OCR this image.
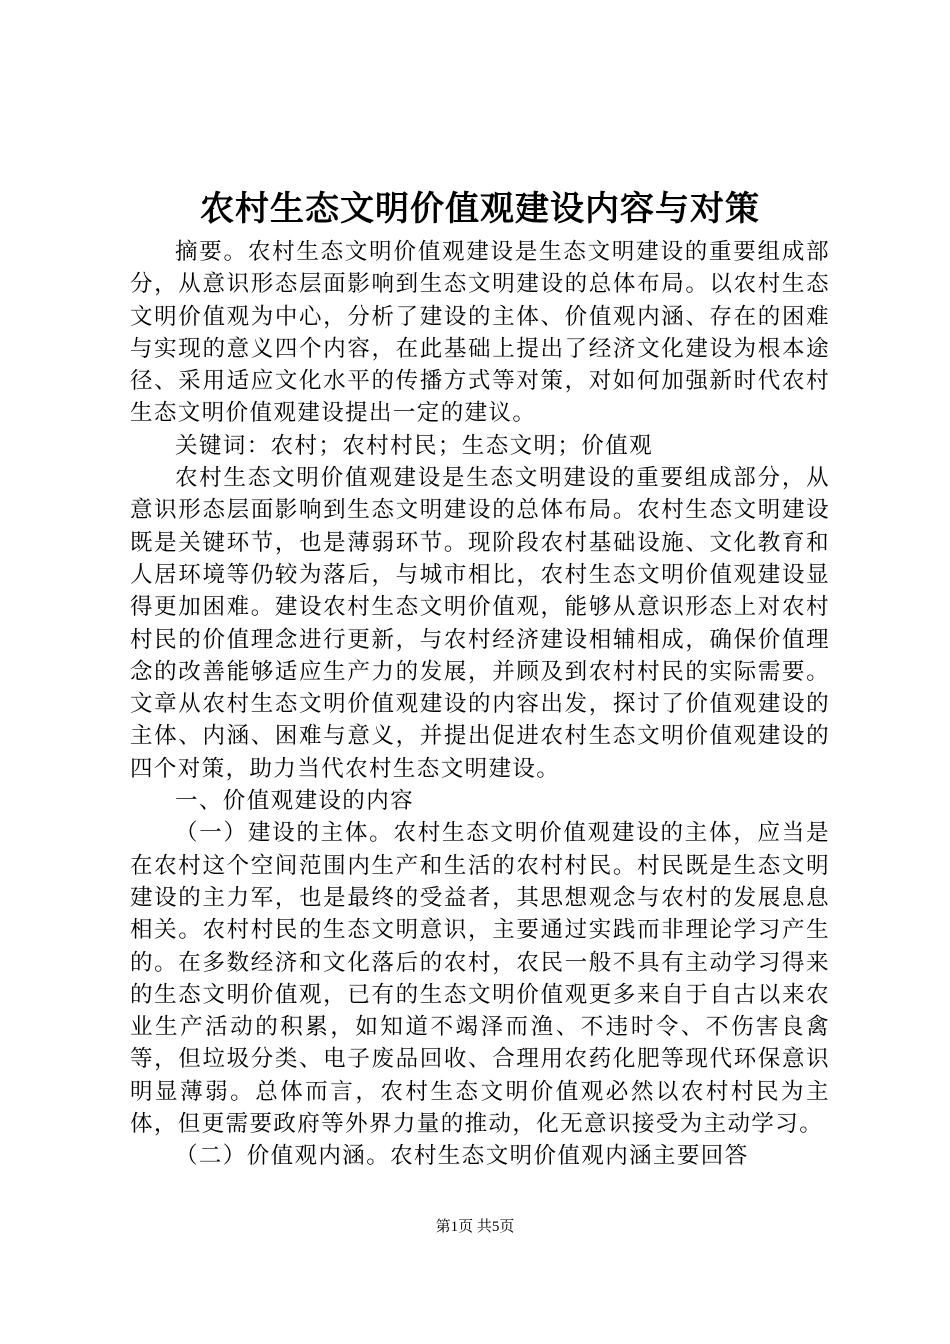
农村生态文明价值观建设内容与对策

摘要。农村生态文明价值观建设是生态文明建设的重要组成部分，从意识形态层面影响到生态文明建设的总体布局。以农村生态文明价值观为中心，分析了建设的主体、价值观内涵、存在的困难与实现的意义四个内容，在此基础上提出了经济文化建设为根本途径、采用适应文化水平的传播方式等对策，对如何加强新时代农村生态文明价值观建设提出一定的建议。

关键词：农村；农村村民；生态文明；价值观

农村生态文明价值观建设是生态文明建设的重要组成部分，从意识形态层面影响到生态文明建设的总体布局。农村生态文明建设既是关键环节，也是薄弱环节。现阶段农村基础设施、文化教育和人居环境等仍较为落后，与城市相比，农村生态文明价值观建设显得更加困难。建设农村生态文明价值观，能够从意识形态上对农村村民的价值理念进行更新，与农村经济建设相辅相成，确保价值理念的改善能够适应生产力的发展，并顾及到农村村民的实际需要。文章从农村生态文明价值观建设的内容出发，探讨了价值观建设的主体、内涵、困难与意义，并提出促进农村生态文明价值观建设的四个对策，助力当代农村生态文明建设。

一、价值观建设的内容

（一）建设的主体。农村生态文明价值观建设的主体，应当是在农村这个空间范围内生产和生活的农村村民。村民既是生态文明建设的主力军，也是最终的受益者，其思想观念与农村的发展息息相关。农村村民的生态文明意识，主要通过实践而非理论学习产生的。在多数经济和文化落后的农村，农民一般不具有主动学习得来的生态文明价值观，已有的生态文明价值观更多来自于自古以来农业生产活动的积累，如知道不竭泽而渔、不违时令、不伤害良禽等，但垃圾分类、电子废品回收、合理用农药化肥等现代环保意识明显薄弱。总体而言，农村生态文明价值观必然以农村村民为主体，但更需要政府等外界力量的推动，化无意识接受为主动学习。

（二）价值观内涵。农村生态文明价值观内涵主要回答

第1页 共5页
